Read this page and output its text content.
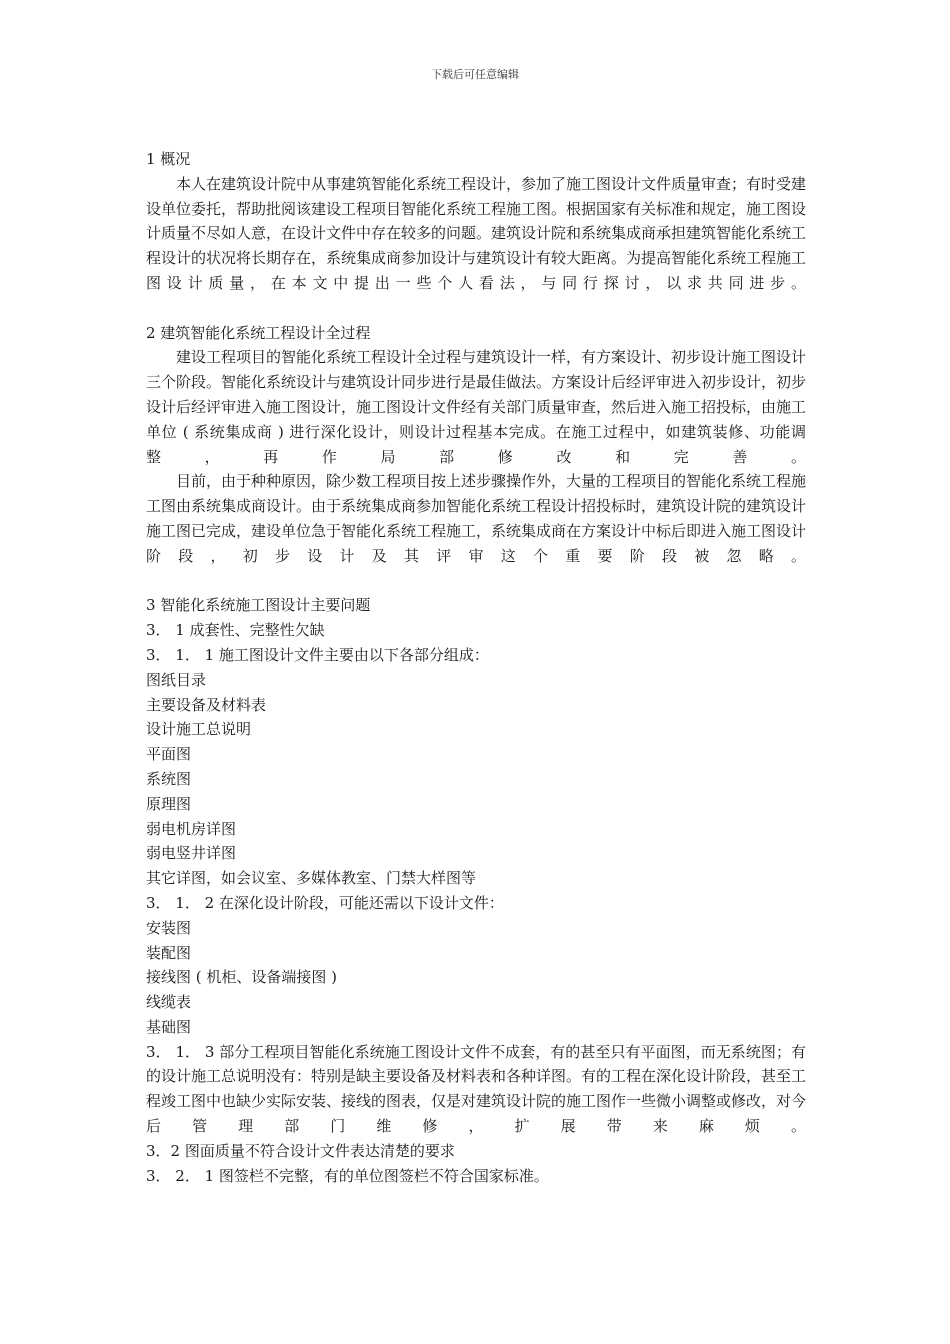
下载后可任意编辑
1 概况

本人在建筑设计院中从事建筑智能化系统工程设计，参加了施工图设计文件质量审查；有时受建设单位委托，帮助批阅该建设工程项目智能化系统工程施工图。根据国家有关标准和规定，施工图设计质量不尽如人意，在设计文件中存在较多的问题。建筑设计院和系统集成商承担建筑智能化系统工程设计的状况将长期存在，系统集成商参加设计与建筑设计有较大距离。为提高智能化系统工程施工图设计质量，在本文中提出一些个人看法，与同行探讨，以求共同进步。

2 建筑智能化系统工程设计全过程

建设工程项目的智能化系统工程设计全过程与建筑设计一样，有方案设计、初步设计施工图设计三个阶段。智能化系统设计与建筑设计同步进行是最佳做法。方案设计后经评审进入初步设计，初步设计后经评审进入施工图设计，施工图设计文件经有关部门质量审查，然后进入施工招投标，由施工单位 ( 系统集成商 ) 进行深化设计，则设计过程基本完成。在施工过程中，如建筑装修、功能调整，再作局部修改和完善。

目前，由于种种原因，除少数工程项目按上述步骤操作外，大量的工程项目的智能化系统工程施工图由系统集成商设计。由于系统集成商参加智能化系统工程设计招投标时，建筑设计院的建筑设计施工图已完成，建设单位急于智能化系统工程施工，系统集成商在方案设计中标后即进入施工图设计阶段，初步设计及其评审这个重要阶段被忽略。

3 智能化系统施工图设计主要问题
3． 1 成套性、完整性欠缺
3． 1． 1 施工图设计文件主要由以下各部分组成：
图纸目录
主要设备及材料表
设计施工总说明
平面图
系统图
原理图
弱电机房详图
弱电竖井详图
其它详图，如会议室、多媒体教室、门禁大样图等
3． 1． 2 在深化设计阶段，可能还需以下设计文件：
安装图
装配图
接线图 ( 机柜、设备端接图 )
线缆表
基础图

3． 1． 3 部分工程项目智能化系统施工图设计文件不成套，有的甚至只有平面图，而无系统图；有的设计施工总说明没有：特别是缺主要设备及材料表和各种详图。有的工程在深化设计阶段，甚至工程竣工图中也缺少实际安装、接线的图表，仅是对建筑设计院的施工图作一些微小调整或修改，对今后管理部门维修，扩展带来麻烦。

3．2 图面质量不符合设计文件表达清楚的要求
3． 2． 1 图签栏不完整，有的单位图签栏不符合国家标准。
